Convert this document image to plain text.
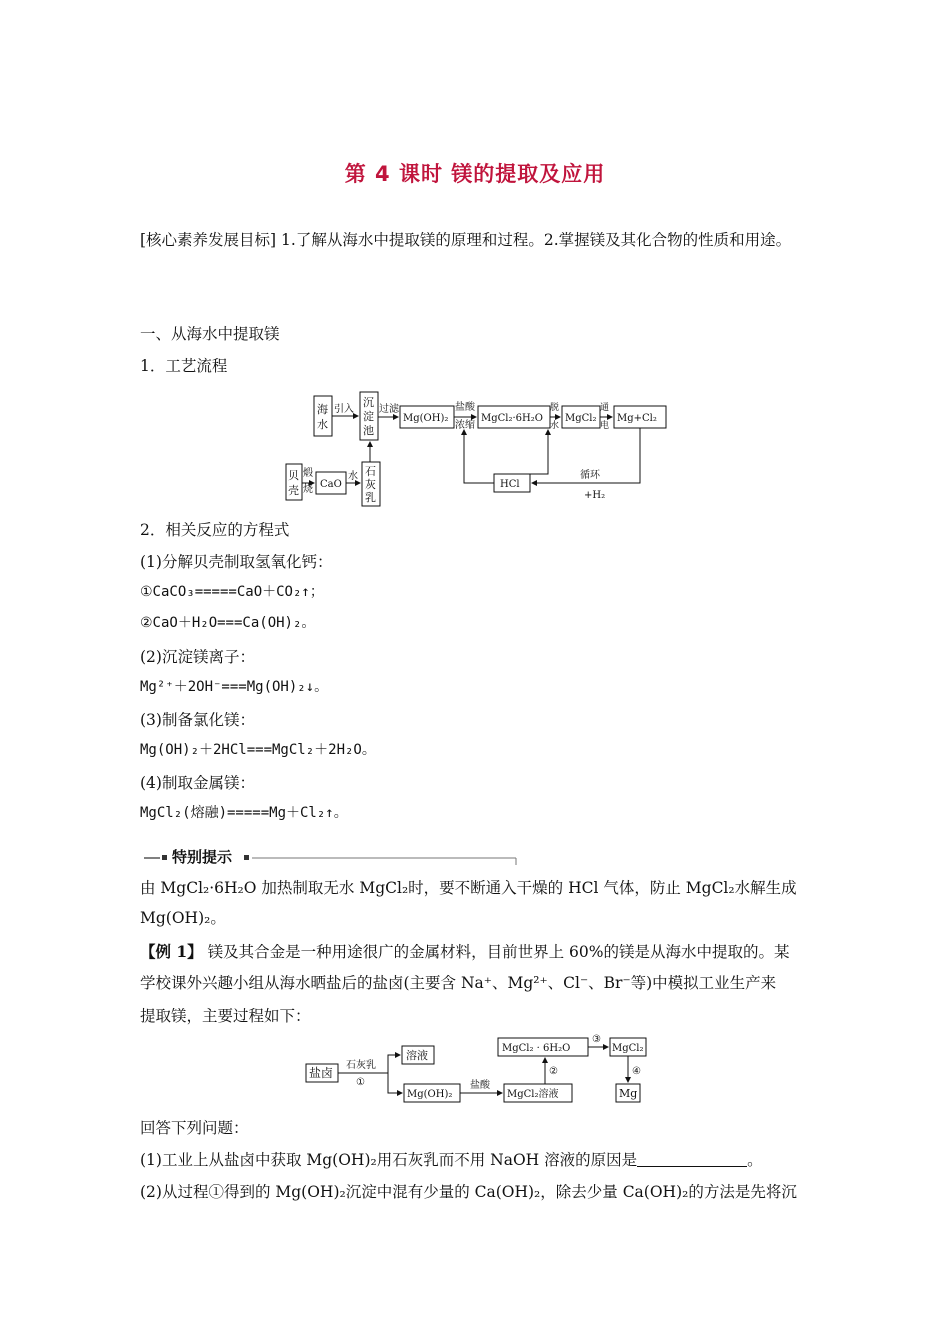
第 4 课时 镁的提取及应用
[核心素养发展目标] 1.了解从海水中提取镁的原理和过程。2.掌握镁及其化合物的性质和用途。
一、从海水中提取镁
1．工艺流程
海
水
引入
沉
淀
池
过滤
Mg(OH)₂
盐酸
浓缩
MgCl₂·6H₂O
脱
水
MgCl₂
通
电
Mg+Cl₂
贝
壳
煅
烧 CaO
水 石
灰
乳
HCl
循环
+H₂
2．相关反应的方程式
(1)分解贝壳制取氢氧化钙：
①CaCO₃=====CaO＋CO₂↑；
②CaO＋H₂O===Ca(OH)₂。
(2)沉淀镁离子：
Mg²⁺＋2OH⁻===Mg(OH)₂↓。
(3)制备氯化镁：
Mg(OH)₂＋2HCl===MgCl₂＋2H₂O。
(4)制取金属镁：
MgCl₂(熔融)=====Mg＋Cl₂↑。
特别提示
由 MgCl₂·6H₂O 加热制取无水 MgCl₂时，要不断通入干燥的 HCl 气体，防止 MgCl₂水解生成
Mg(OH)₂。
【例 1】 镁及其合金是一种用途很广的金属材料，目前世界上 60%的镁是从海水中提取的。某
学校课外兴趣小组从海水晒盐后的盐卤(主要含 Na⁺、Mg²⁺、Cl⁻、Br⁻等)中模拟工业生产来
提取镁，主要过程如下：
盐卤
石灰乳
①
溶液
Mg(OH)₂
盐酸
MgCl₂溶液
②
MgCl₂ · 6H₂O
③
MgCl₂
④
Mg
回答下列问题：
(1)工业上从盐卤中获取 Mg(OH)₂用石灰乳而不用 NaOH 溶液的原因是	。
(2)从过程①得到的 Mg(OH)₂沉淀中混有少量的 Ca(OH)₂，除去少量 Ca(OH)₂的方法是先将沉
